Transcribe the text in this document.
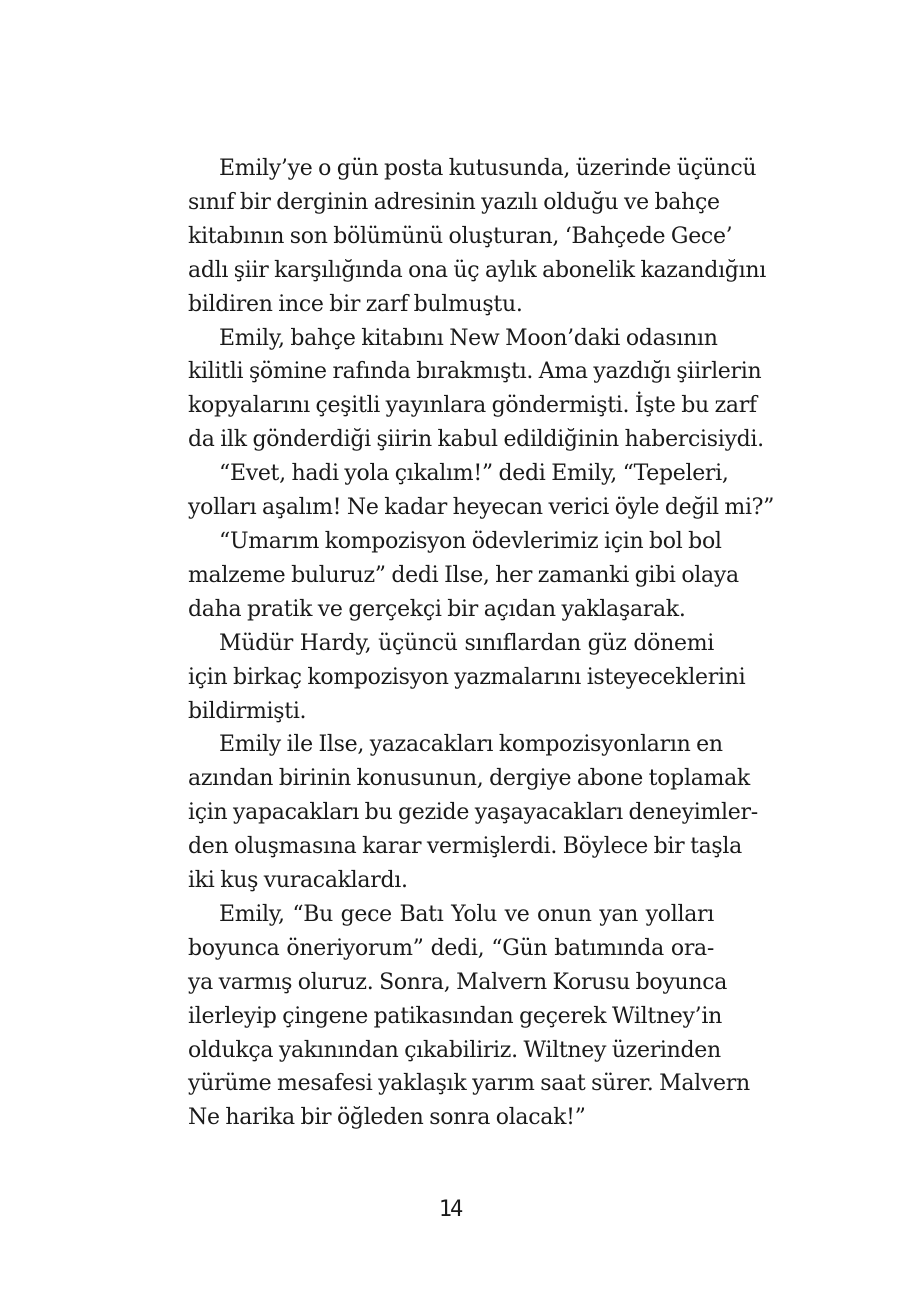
Emily’ye o gün posta kutusunda, üzerinde üçüncü
sınıf bir derginin adresinin yazılı olduğu ve bahçe
kitabının son bölümünü oluşturan, ‘Bahçede Gece’
adlı şiir karşılığında ona üç aylık abonelik kazandığını
bildiren ince bir zarf bulmuştu.
Emily, bahçe kitabını New Moon’daki odasının
kilitli şömine rafında bırakmıştı. Ama yazdığı şiirlerin
kopyalarını çeşitli yayınlara göndermişti. İşte bu zarf
da ilk gönderdiği şiirin kabul edildiğinin habercisiydi.
“Evet, hadi yola çıkalım!” dedi Emily, “Tepeleri,
yolları aşalım! Ne kadar heyecan verici öyle değil mi?”
“Umarım kompozisyon ödevlerimiz için bol bol
malzeme buluruz” dedi Ilse, her zamanki gibi olaya
daha pratik ve gerçekçi bir açıdan yaklaşarak.
Müdür Hardy, üçüncü sınıflardan güz dönemi
için birkaç kompozisyon yazmalarını isteyeceklerini
bildirmişti.
Emily ile Ilse, yazacakları kompozisyonların en
azından birinin konusunun, dergiye abone toplamak
için yapacakları bu gezide yaşayacakları deneyimler-
den oluşmasına karar vermişlerdi. Böylece bir taşla
iki kuş vuracaklardı.
Emily, “Bu gece Batı Yolu ve onun yan yolları
boyunca öneriyorum” dedi, “Gün batımında ora-
ya varmış oluruz. Sonra, Malvern Korusu boyunca
ilerleyip çingene patikasından geçerek Wiltney’in
oldukça yakınından çıkabiliriz. Wiltney üzerinden
yürüme mesafesi yaklaşık yarım saat sürer. Malvern
Ne harika bir öğleden sonra olacak!”
14
